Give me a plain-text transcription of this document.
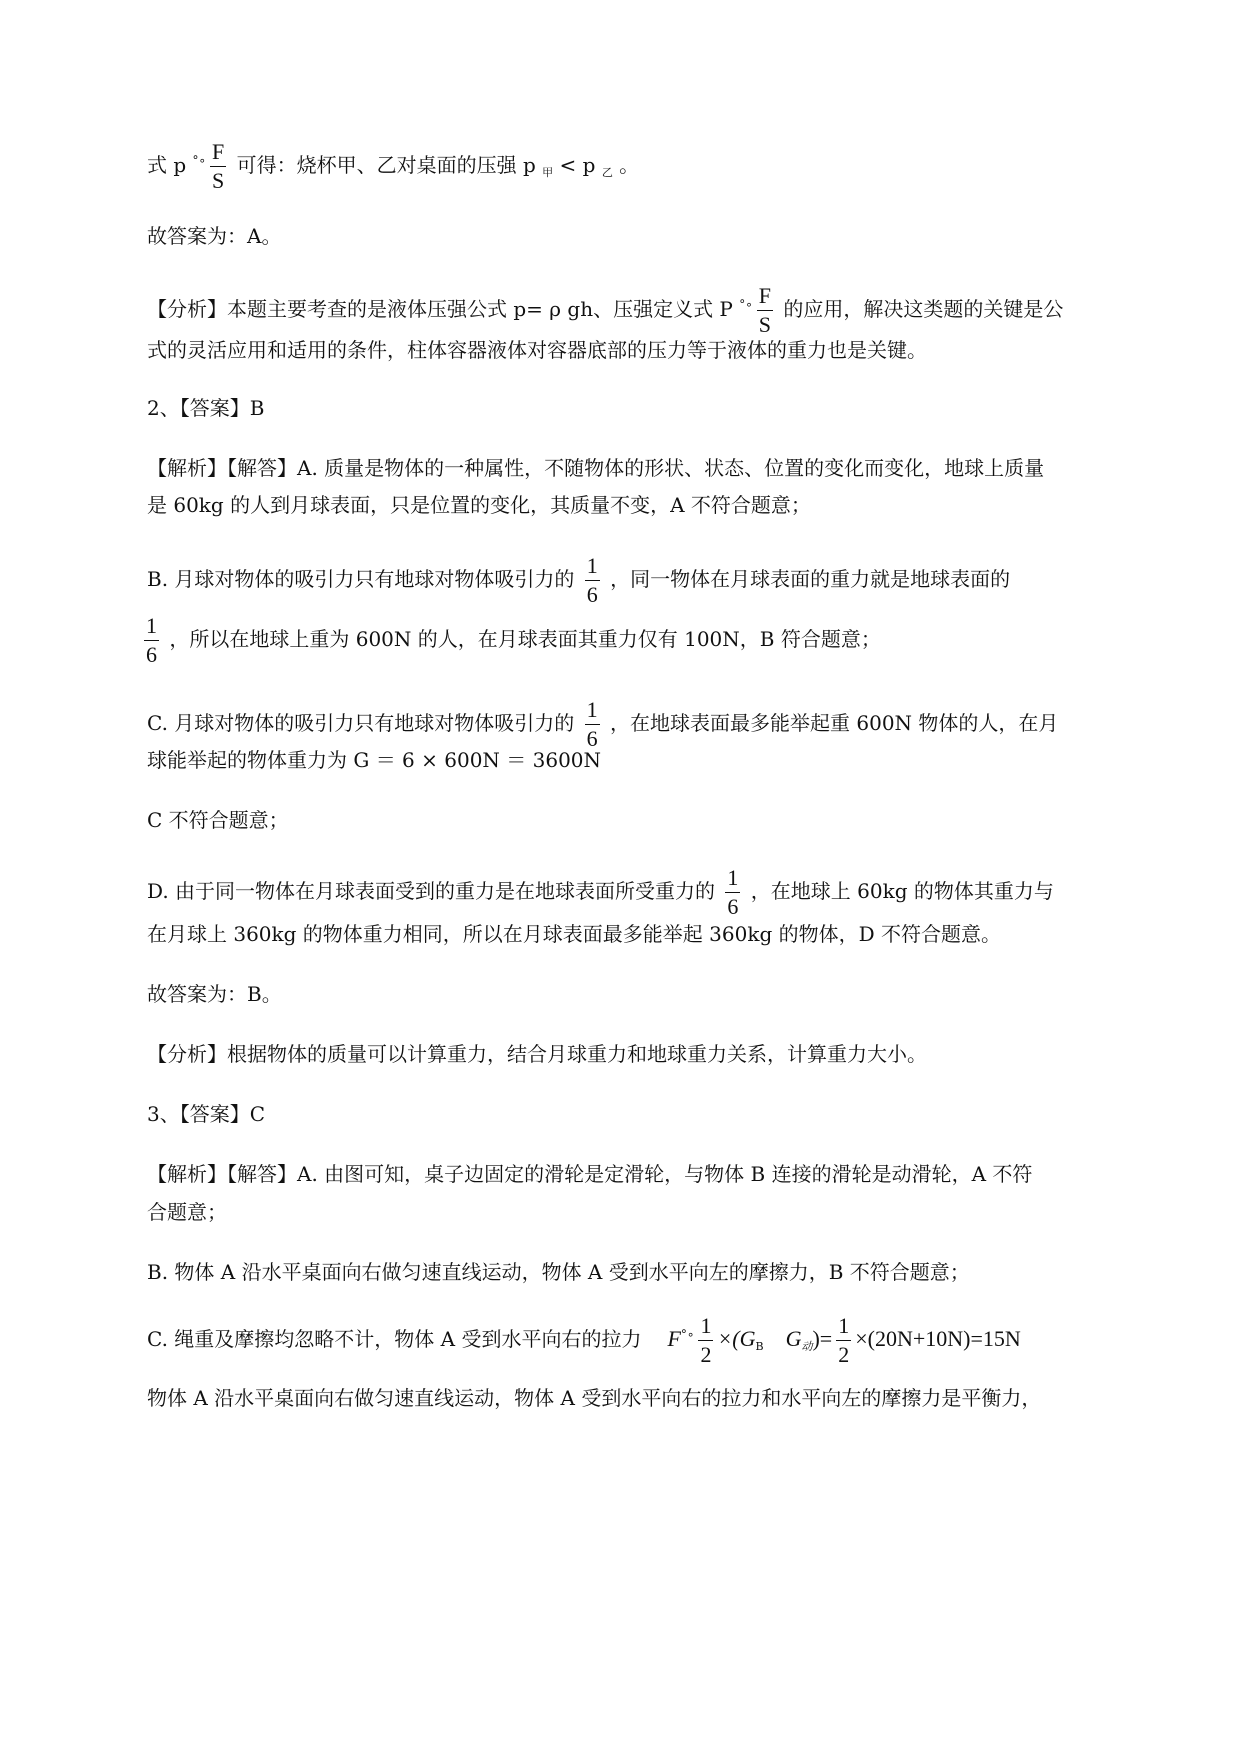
式 p $^{^\circ\circ} \frac{F}{S}$ 可得：烧杯甲、乙对桌面的压强 p $_甲$ < p $_乙$ 。
故答案为：A。
【分析】本题主要考查的是液体压强公式 p= ρ gh、压强定义式 P $^{^\circ\circ} \frac{F}{S}$ 的应用，解决这类题的关键是公
式的灵活应用和适用的条件，柱体容器液体对容器底部的压力等于液体的重力也是关键。
2、【答案】B
【解析】【解答】A. 质量是物体的一种属性，不随物体的形状、状态、位置的变化而变化，地球上质量
是 60kg 的人到月球表面，只是位置的变化，其质量不变，A 不符合题意；
B. 月球对物体的吸引力只有地球对物体吸引力的 $\frac{1}{6}$ ，同一物体在月球表面的重力就是地球表面的
$\frac{1}{6}$ ，所以在地球上重为 600N 的人，在月球表面其重力仅有 100N，B 符合题意；
C. 月球对物体的吸引力只有地球对物体吸引力的 $\frac{1}{6}$ ，在地球表面最多能举起重 600N 物体的人，在月
球能举起的物体重力为 G ＝ 6 × 600N ＝ 3600N
C 不符合题意；
D. 由于同一物体在月球表面受到的重力是在地球表面所受重力的 $\frac{1}{6}$ ，在地球上 60kg 的物体其重力与
在月球上 360kg 的物体重力相同，所以在月球表面最多能举起 360kg 的物体，D 不符合题意。
故答案为：B。
【分析】根据物体的质量可以计算重力，结合月球重力和地球重力关系，计算重力大小。
3、【答案】C
【解析】【解答】A. 由图可知，桌子边固定的滑轮是定滑轮，与物体 B 连接的滑轮是动滑轮，A 不符
合题意；
B. 物体 A 沿水平桌面向右做匀速直线运动，物体 A 受到水平向左的摩擦力，B 不符合题意；
C. 绳重及摩擦均忽略不计，物体 A 受到水平向右的拉力 $F^{^\circ\circ} \frac{1}{2} \times(G_B$ $G_动)= \frac{1}{2} \times(20N+10N)=15N$
物体 A 沿水平桌面向右做匀速直线运动，物体 A 受到水平向右的拉力和水平向左的摩擦力是平衡力，
